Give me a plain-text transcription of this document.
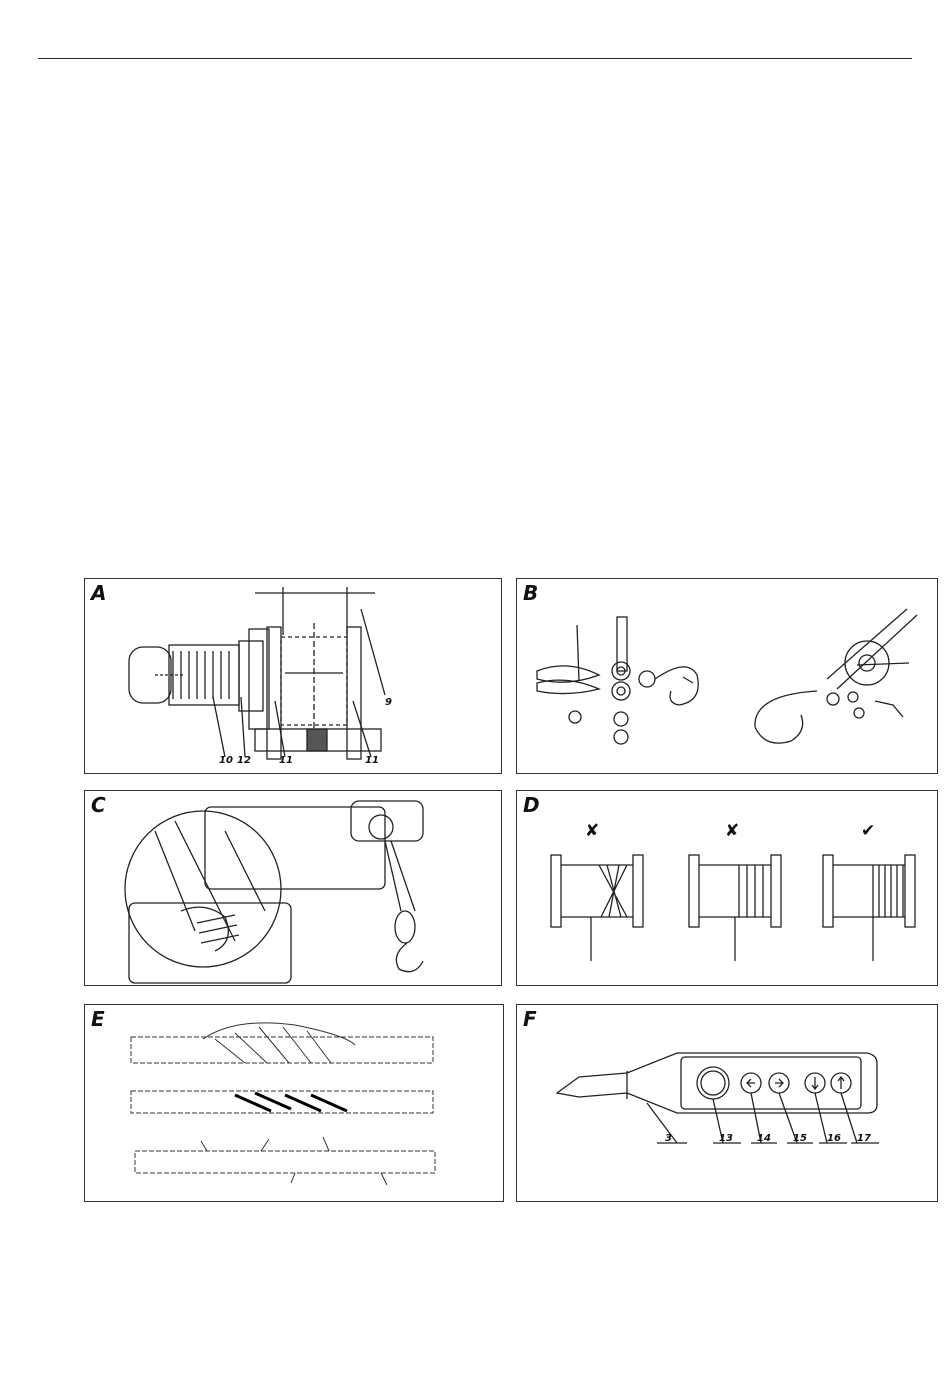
A
10 12	11	11
9
B
C	D
✘	✘	✔
E	F
3	13 14 15 16 17
